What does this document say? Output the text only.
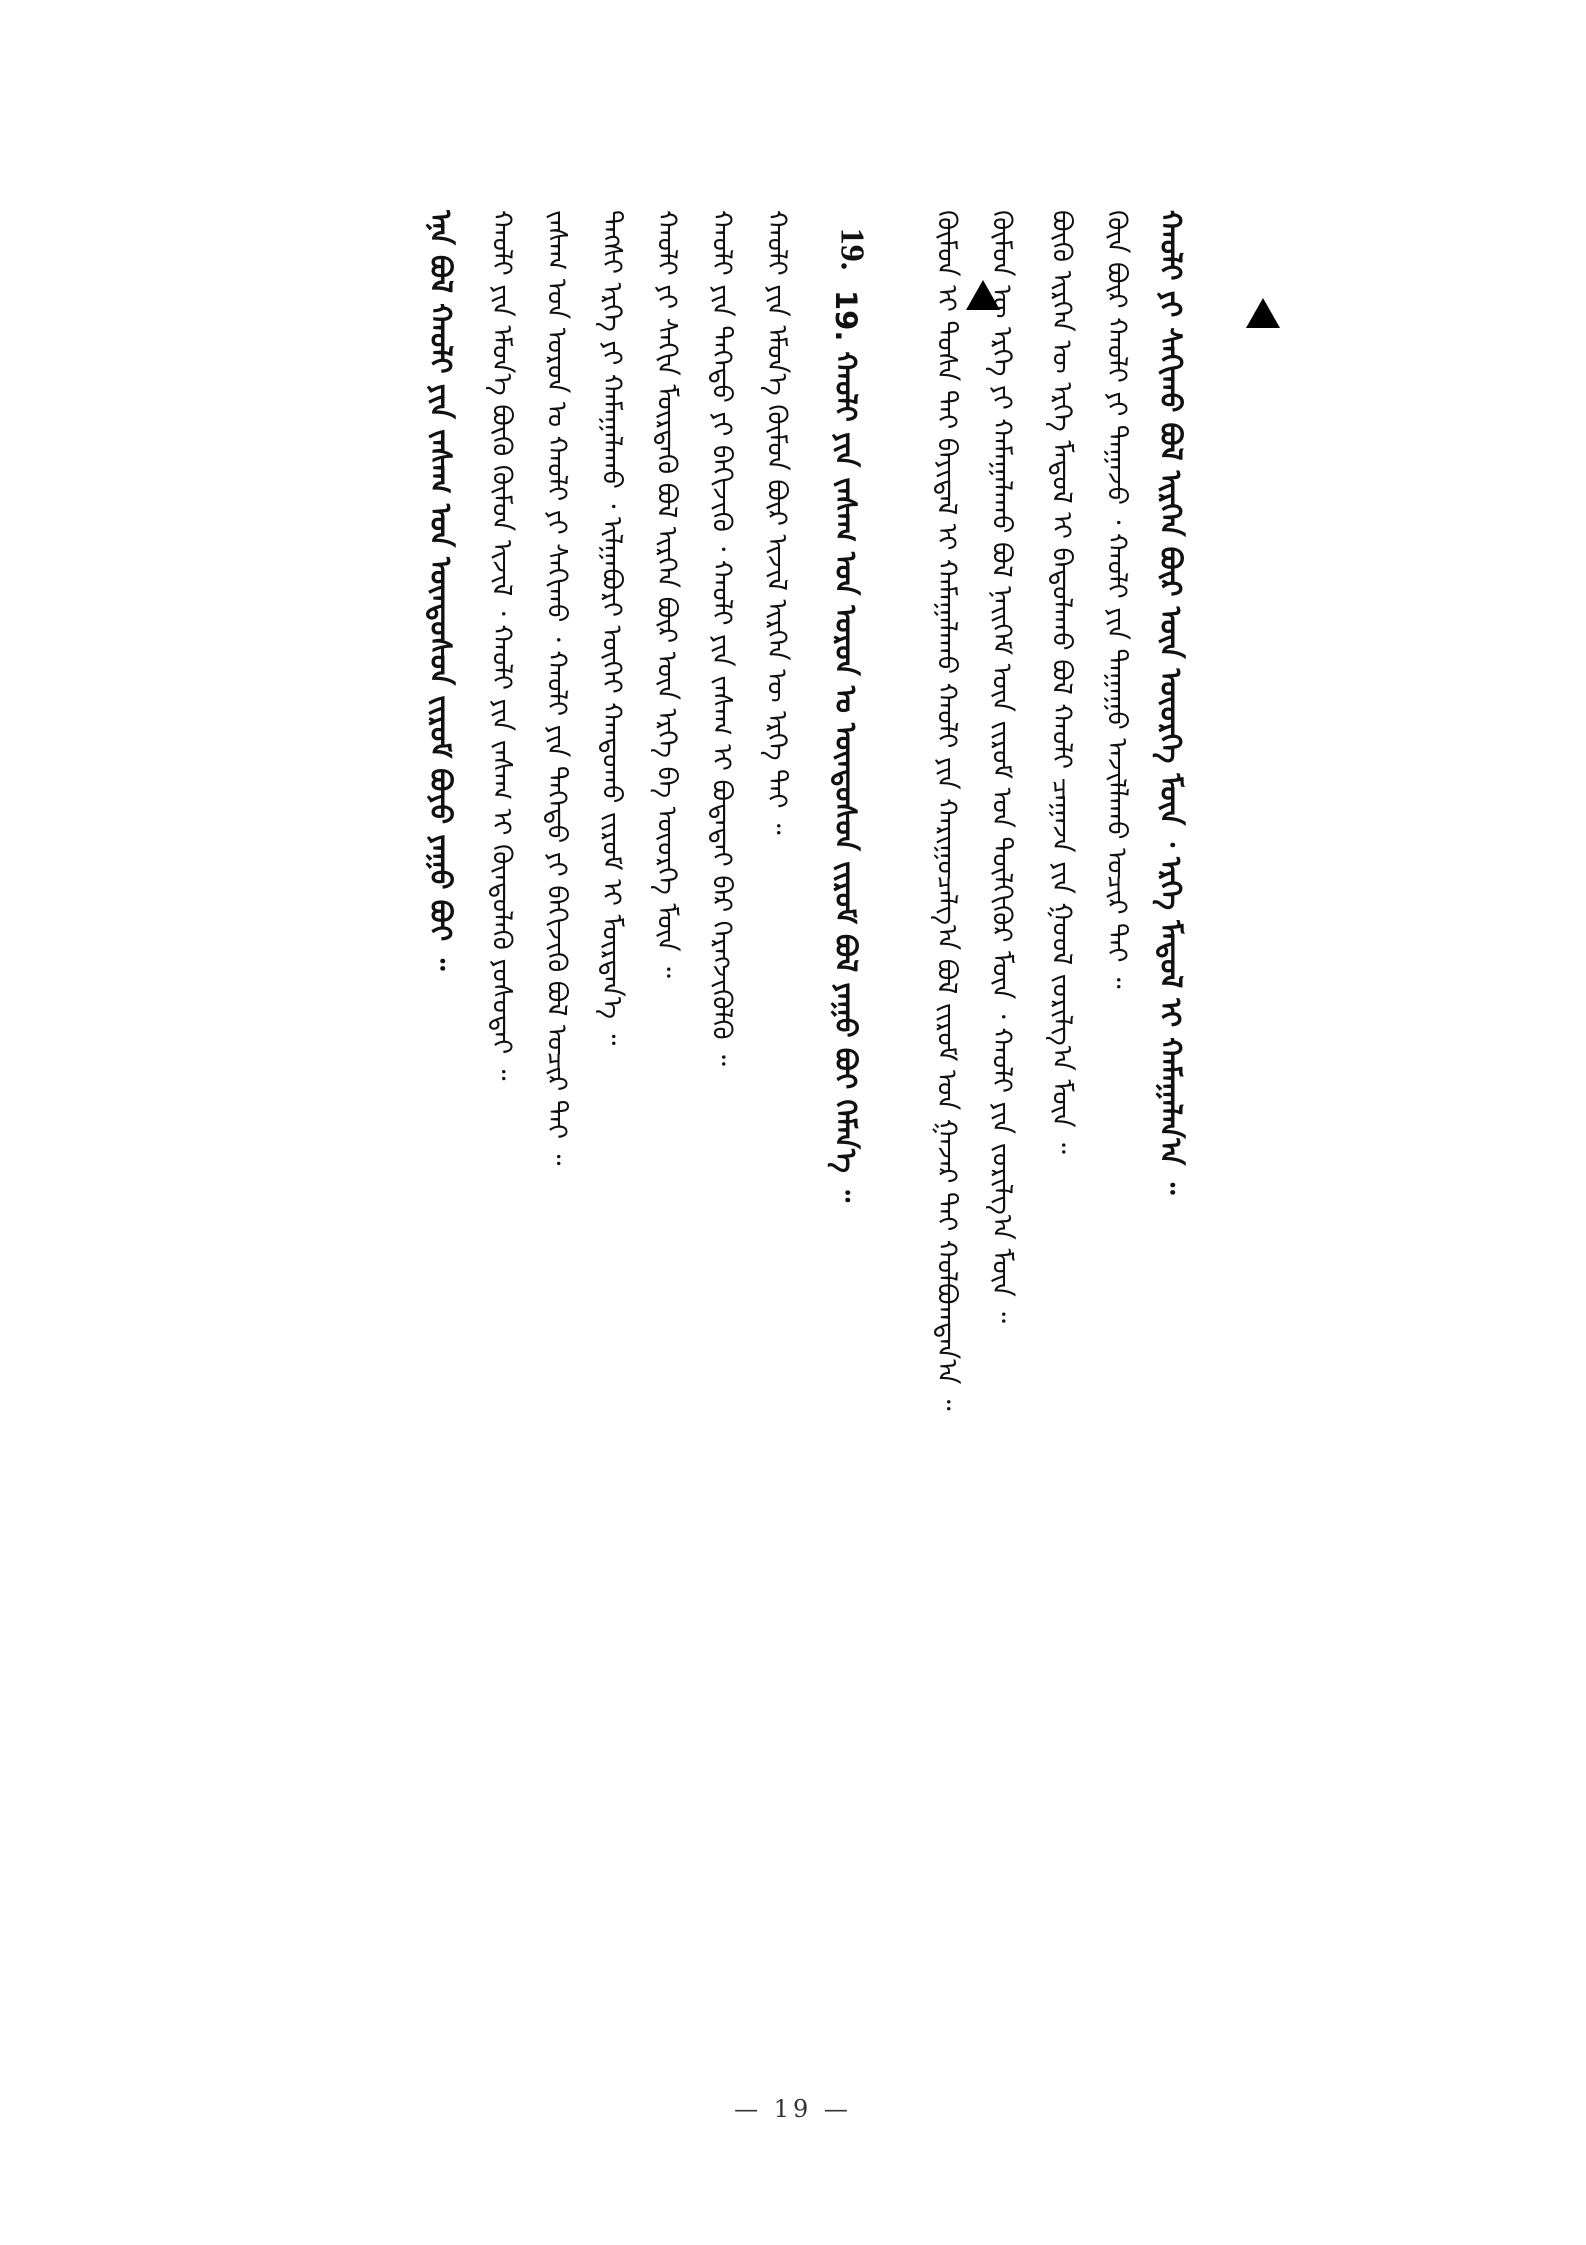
ᠬᠦᠮᠦᠨ ᠢ ᠲᠤᠰᠠ ᠲᠠᠢ ᠪᠠᠶᠢᠳᠠᠯ ᠢ ᠬᠠᠮᠠᠭᠠᠯᠠᠬᠤ ᠬᠠᠤᠯᠢ ᠶᠢᠨ ᠬᠠᠷᠢᠭᠤᠴᠠᠯᠭ᠎ᠠ ᠪᠣᠯ ᠵᠢᠷᠤᠮ ᠤᠨ ᠭᠠᠵᠠᠷ ᠲᠠᠢ ᠬᠣᠯᠪᠣᠭᠳᠠᠨ᠎ᠠ ᠃ ᠬᠦᠮᠦᠨ ᠦ ᠡᠷᠬᠡ ᠶᠢ ᠬᠠᠮᠠᠭᠠᠯᠠᠬᠤ ᠪᠣᠯ ᠨᠡᠢᠭᠡᠮ ᠦᠨ ᠵᠢᠷᠤᠮ ᠤᠨ ᠲᠦᠯᠬᠢᠭᠦᠷ ᠮᠥᠨ ᠂ ᠬᠠᠤᠯᠢ ᠶᠢᠨ ᠵᠣᠷᠢᠯᠭ᠎ᠠ ᠮᠥᠨ ᠃ ᠪᠦᠬᠦ ᠢᠷᠭᠡᠨ ᠦ ᠡᠷᠬᠡ ᠮᠡᠳᠦᠯ ᠢ ᠪᠠᠲᠤᠯᠠᠬᠤ ᠪᠣᠯ ᠬᠠᠤᠯᠢ ᠴᠠᠭᠠᠵᠠ ᠶᠢᠨ ᠭᠣᠤᠯ ᠵᠣᠷᠢᠯᠭ᠎ᠠ ᠮᠥᠨ ᠃ ᠬᠦᠨ ᠪᠦᠷ ᠬᠠᠤᠯᠢ ᠶᠢ ᠳᠠᠭᠠᠵᠤ ᠂ ᠬᠠᠤᠯᠢ ᠶᠢᠨ ᠳᠠᠭᠠᠭᠤ ᠠᠵᠢᠯᠯᠠᠬᠤ ᠤᠴᠢᠷ ᠲᠠᠢ ᠃ ᠬᠠᠤᠯᠢ ᠶᠢ ᠰᠠᠬᠢᠬᠤ ᠪᠣᠯ ᠢᠷᠭᠡᠨ ᠪᠦᠷ ᠦᠨ ᠦᠦᠷᠭᠡ ᠮᠥᠨ ᠂ ᠡᠷᠬᠡ ᠮᠡᠳᠦᠯ ᠢ ᠬᠠᠮᠠᠭᠠᠯᠠᠨ᠎ᠠ ᠃
19.
19. ᠬᠠᠤᠯᠢ ᠶᠢᠨ ᠵᠠᠰᠠᠭ ᠤᠨ ᠣᠷᠣᠨ ᠤ ᠦᠨᠳᠦᠰᠦᠨ ᠵᠢᠷᠤᠮ ᠪᠣᠯ ᠶᠠᠭᠤ ᠪᠣᠢ ᠬᠡᠮᠡᠨ᠎ᠡ ᠃
ᠬᠠᠤᠯᠢ ᠶᠢᠨ ᠡᠮᠦᠨ᠎ᠡ ᠬᠦᠮᠦᠨ ᠪᠦᠷ ᠢᠵᠢᠯ ᠢᠷᠭᠡᠨ ᠦ ᠡᠷᠬᠡ ᠲᠠᠢ ᠃
ᠬᠠᠤᠯᠢ ᠶᠢᠨ ᠳᠡᠭᠡᠳᠦ ᠶᠢ ᠪᠡᠬᠢᠵᠢᠬᠦ ᠂ ᠬᠠᠤᠯᠢ ᠶᠢᠨ ᠵᠠᠰᠠᠭ ᠢ ᠪᠣᠳᠠᠲᠠᠢ ᠪᠡᠷ ᠬᠡᠷᠡᠭᠵᠢᠬᠦᠯᠬᠦ ᠃
ᠬᠠᠤᠯᠢ ᠶᠢ ᠰᠠᠬᠢᠨ ᠮᠦᠷᠳᠡᠬᠦ ᠪᠣᠯ ᠢᠷᠭᠡᠨ ᠪᠦᠷ ᠦᠨ ᠡᠷᠬᠡ ᠪᠠ ᠦᠦᠷᠭᠡ ᠮᠥᠨ ᠃
ᠲᠡᠭᠰᠢ ᠡᠷᠬᠡ ᠶᠢ ᠬᠠᠮᠠᠭᠠᠯᠠᠬᠤ ᠂ ᠢᠯᠭᠠᠪᠤᠷᠢ ᠦᠭᠡᠢ ᠬᠠᠨᠳᠤᠬᠤ ᠵᠢᠷᠤᠮ ᠢ ᠮᠥᠷᠳᠡᠨ᠎ᠡ ᠃
ᠵᠠᠰᠠᠭ ᠤᠨ ᠣᠷᠣᠨ ᠤ ᠬᠠᠤᠯᠢ ᠶᠢ ᠰᠠᠬᠢᠬᠤ ᠂ ᠬᠠᠤᠯᠢ ᠶᠢᠨ ᠳᠡᠭᠡᠳᠦ ᠶᠢ ᠪᠡᠬᠢᠵᠢᠬᠦ ᠪᠣᠯ ᠤᠴᠢᠷ ᠲᠠᠢ ᠃
ᠬᠠᠤᠯᠢ ᠶᠢᠨ ᠡᠮᠦᠨ᠎ᠡ ᠪᠦᠬᠦ ᠬᠦᠮᠦᠨ ᠢᠵᠢᠯ ᠂ ᠬᠠᠤᠯᠢ ᠶᠢᠨ ᠵᠠᠰᠠᠭ ᠢ ᠬᠦᠨᠳᠦᠯᠡᠬᠦ ᠶᠣᠰᠣᠲᠠᠢ ᠃
ᠡᠨᠡ ᠪᠣᠯ ᠬᠠᠤᠯᠢ ᠶᠢᠨ ᠵᠠᠰᠠᠭ ᠤᠨ ᠦᠨᠳᠦᠰᠦᠨ ᠵᠢᠷᠤᠮ ᠪᠤᠶᠤ ᠶᠠᠭᠤ ᠪᠣᠢ ᠃
— 19 —
